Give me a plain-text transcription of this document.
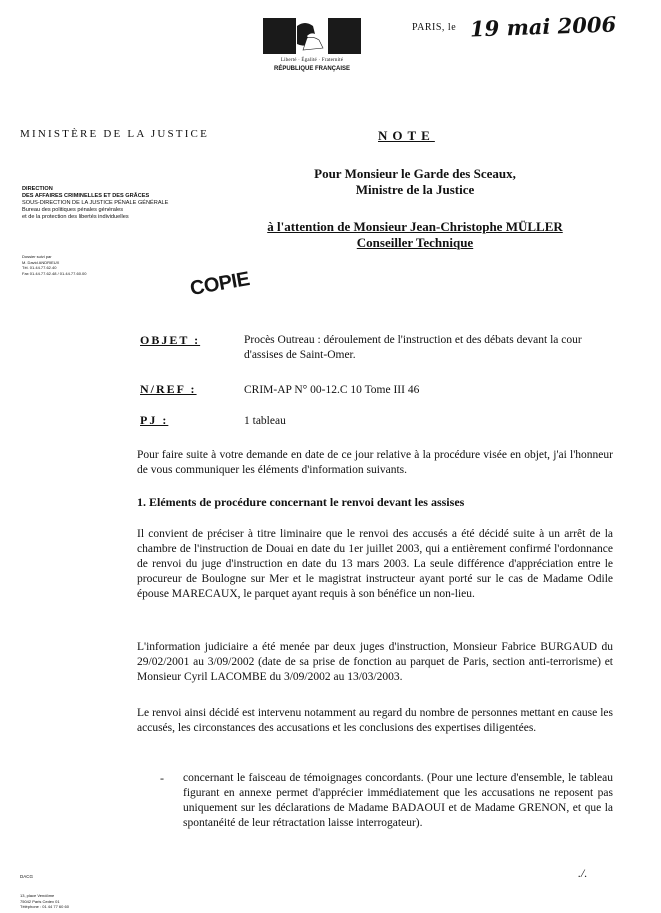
Liberté · Égalité · Fraternité
RÉPUBLIQUE FRANÇAISE
PARIS, le 19 mai 2006
MINISTÈRE DE LA JUSTICE	NOTE
Pour Monsieur le Garde des Sceaux,
Ministre de la Justice
à l'attention de Monsieur Jean-Christophe MÜLLER
Conseiller Technique
DIRECTION
DES AFFAIRES CRIMINELLES ET DES GRÂCES
SOUS-DIRECTION DE LA JUSTICE PÉNALE GÉNÉRALE
Bureau des politiques pénales générales
et de la protection des libertés individuelles
Dossier suivi par
M. David ANDRIEUX
Tél. 01.44.77.62.40
Fax 01.44.77.62.48 / 01.44.77.60.00	COPIE
OBJET :	Procès Outreau : déroulement de l'instruction et des débats devant la cour d'assises de Saint-Omer.
N/REF :	CRIM-AP N° 00-12.C 10 Tome III 46
PJ :	1 tableau
Pour faire suite à votre demande en date de ce jour relative à la procédure visée en objet, j'ai l'honneur de vous communiquer les éléments d'information suivants.
1. Eléments de procédure concernant le renvoi devant les assises
Il convient de préciser à titre liminaire que le renvoi des accusés a été décidé suite à un arrêt de la chambre de l'instruction de Douai en date du 1er juillet 2003, qui a entièrement confirmé l'ordonnance de renvoi du juge d'instruction en date du 13 mars 2003. La seule différence d'appréciation entre le procureur de Boulogne sur Mer et le magistrat instructeur ayant porté sur le cas de Madame Odile épouse MARECAUX, le parquet ayant requis à son bénéfice un non-lieu.
L'information judiciaire a été menée par deux juges d'instruction, Monsieur Fabrice BURGAUD du 29/02/2001 au 3/09/2002 (date de sa prise de fonction au parquet de Paris, section anti-terrorisme) et Monsieur Cyril LACOMBE du 3/09/2002 au 13/03/2003.
Le renvoi ainsi décidé est intervenu notamment au regard du nombre de personnes mettant en cause les accusés, les circonstances des accusations et les conclusions des expertises diligentées.
- concernant le faisceau de témoignages concordants. (Pour une lecture d'ensemble, le tableau figurant en annexe permet d'apprécier immédiatement que les accusations ne reposent pas uniquement sur les déclarations de Madame BADAOUI et de Madame GRENON, et que la spontanéité de leur rétractation laisse interrogateur).
DACG
13, place Vendôme
75042 Paris Cedex 01
Téléphone : 01 44 77 60 60
./.
